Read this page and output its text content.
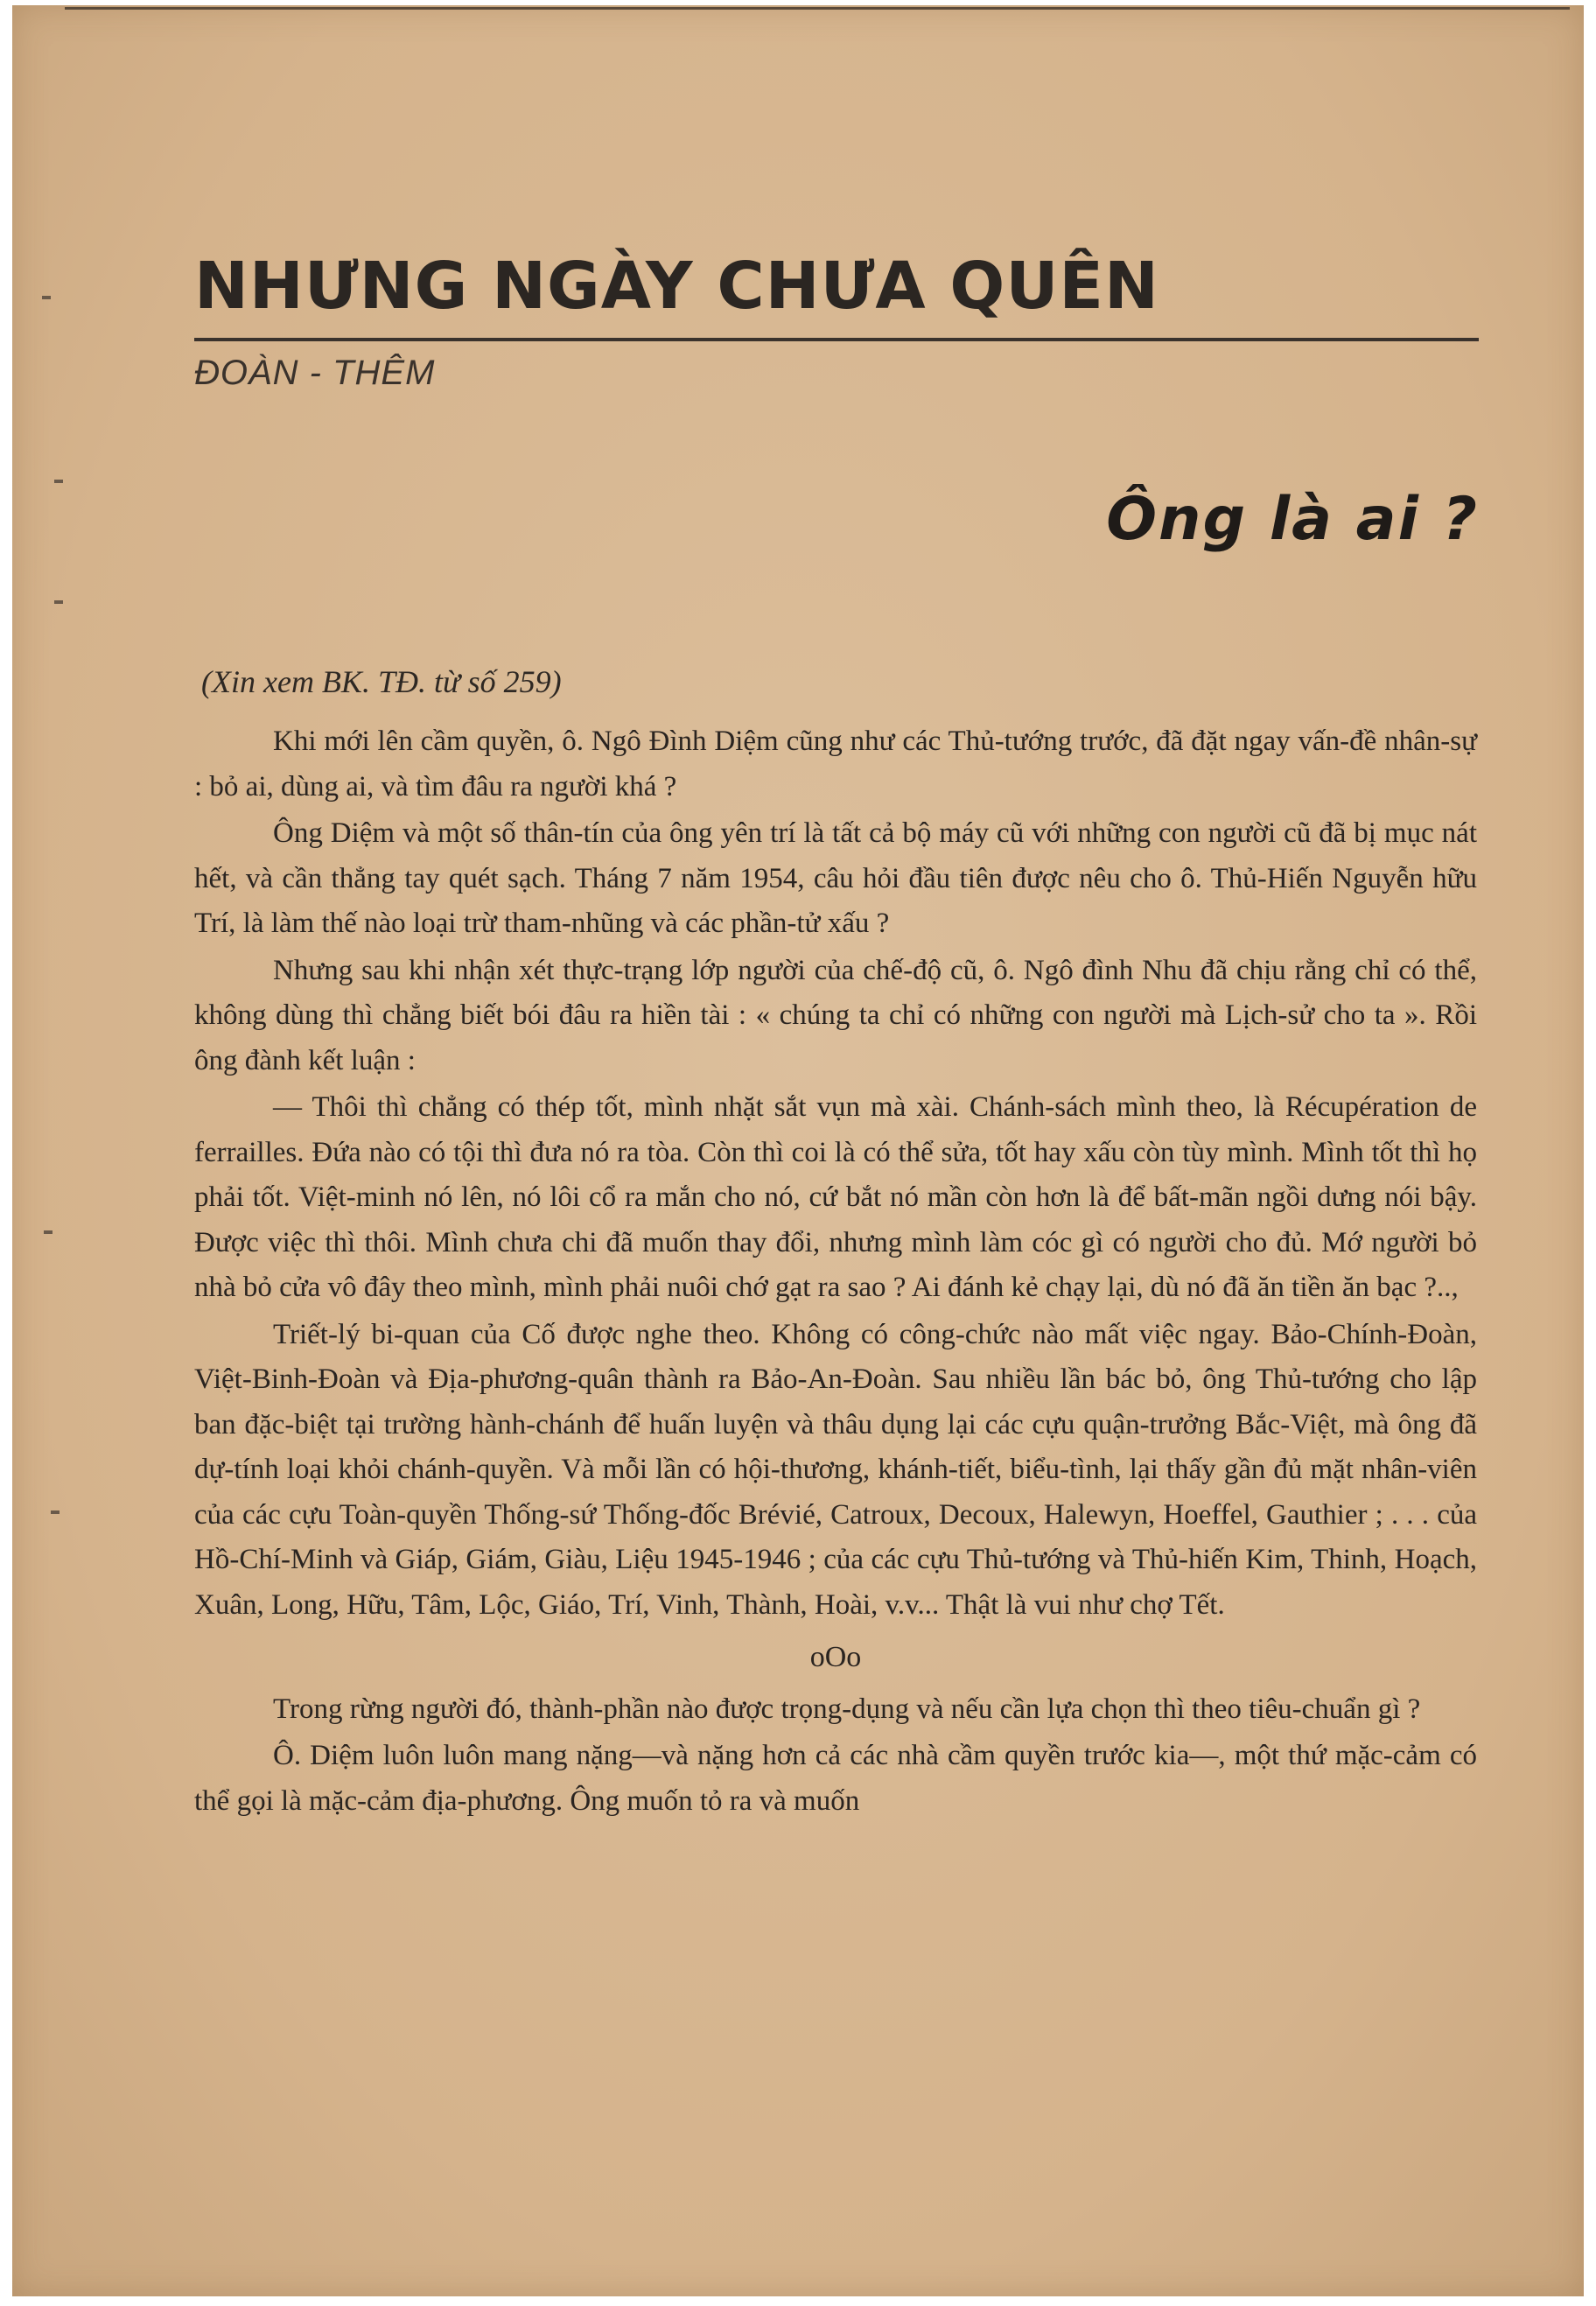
NHƯNG NGÀY CHƯA QUÊN
ĐOÀN - THÊM
Ông là ai ?
(Xin xem BK. TĐ. từ số 259)

Khi mới lên cầm quyền, ô. Ngô Đình Diệm cũng như các Thủ-tướng trước, đã đặt ngay vấn-đề nhân-sự : bỏ ai, dùng ai, và tìm đâu ra người khá ?

Ông Diệm và một số thân-tín của ông yên trí là tất cả bộ máy cũ với những con người cũ đã bị mục nát hết, và cần thẳng tay quét sạch. Tháng 7 năm 1954, câu hỏi đầu tiên được nêu cho ô. Thủ-Hiến Nguyễn hữu Trí, là làm thế nào loại trừ tham-nhũng và các phần-tử xấu ?

Nhưng sau khi nhận xét thực-trạng lớp người của chế-độ cũ, ô. Ngô đình Nhu đã chịu rằng chỉ có thể, không dùng thì chẳng biết bói đâu ra hiền tài : « chúng ta chỉ có những con người mà Lịch-sử cho ta ». Rồi ông đành kết luận :

— Thôi thì chẳng có thép tốt, mình nhặt sắt vụn mà xài. Chánh-sách mình theo, là Récupération de ferrailles. Đứa nào có tội thì đưa nó ra tòa. Còn thì coi là có thể sửa, tốt hay xấu còn tùy mình. Mình tốt thì họ phải tốt. Việt-minh nó lên, nó lôi cổ ra mắn cho nó, cứ bắt nó mần còn hơn là để bất-mãn ngồi dưng nói bậy. Được việc thì thôi. Mình chưa chi đã muốn thay đổi, nhưng mình làm cóc gì có người cho đủ. Mớ người bỏ nhà bỏ cửa vô đây theo mình, mình phải nuôi chớ gạt ra sao ? Ai đánh kẻ chạy lại, dù nó đã ăn tiền ăn bạc ?..,

Triết-lý bi-quan của Cố được nghe theo. Không có công-chức nào mất việc ngay. Bảo-Chính-Đoàn, Việt-Binh-Đoàn và Địa-phương-quân thành ra Bảo-An-Đoàn. Sau nhiều lần bác bỏ, ông Thủ-tướng cho lập ban đặc-biệt tại trường hành-chánh để huấn luyện và thâu dụng lại các cựu quận-trưởng Bắc-Việt, mà ông đã dự-tính loại khỏi chánh-quyền. Và mỗi lần có hội-thương, khánh-tiết, biểu-tình, lại thấy gần đủ mặt nhân-viên của các cựu Toàn-quyền Thống-sứ Thống-đốc Brévié, Catroux, Decoux, Halewyn, Hoeffel, Gauthier ; . . . của Hồ-Chí-Minh và Giáp, Giám, Giàu, Liệu 1945-1946 ; của các cựu Thủ-tướng và Thủ-hiến Kim, Thinh, Hoạch, Xuân, Long, Hữu, Tâm, Lộc, Giáo, Trí, Vinh, Thành, Hoài, v.v... Thật là vui như chợ Tết.

oOo

Trong rừng người đó, thành-phần nào được trọng-dụng và nếu cần lựa chọn thì theo tiêu-chuẩn gì ?

Ô. Diệm luôn luôn mang nặng—và nặng hơn cả các nhà cầm quyền trước kia—, một thứ mặc-cảm có thể gọi là mặc-cảm địa-phương. Ông muốn tỏ ra và muốn
